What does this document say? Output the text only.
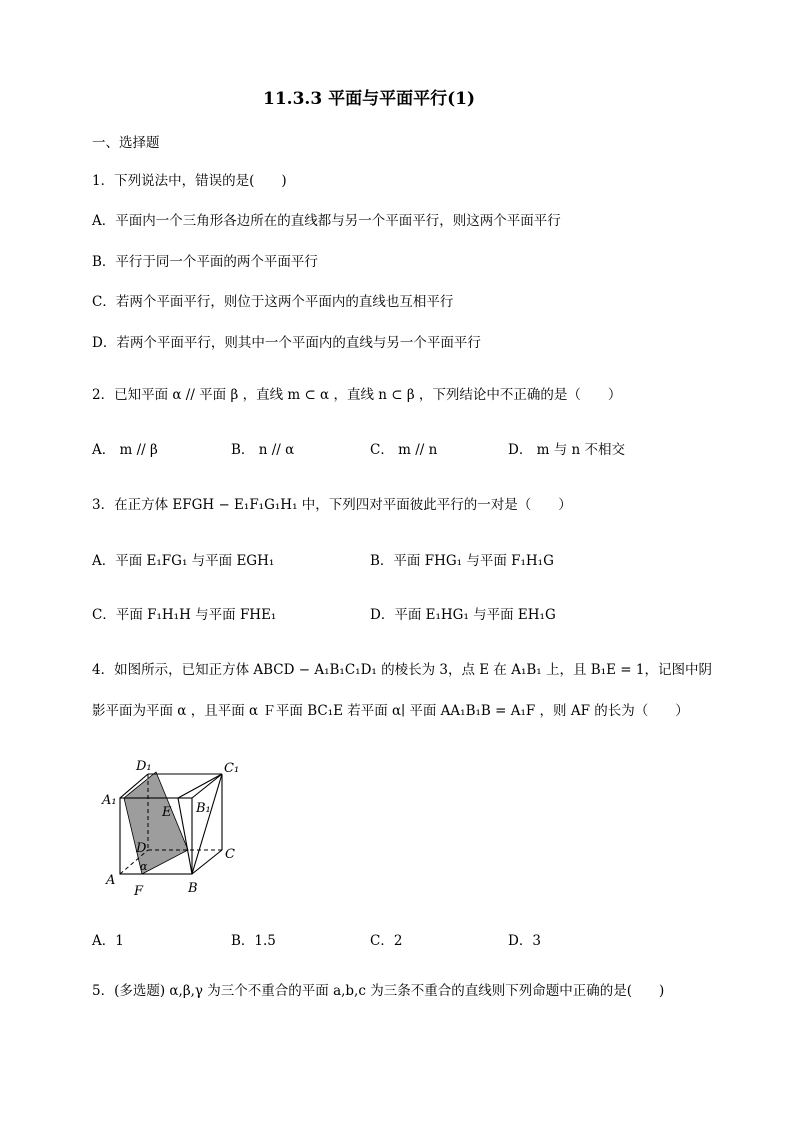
11.3.3 平面与平面平行(1)
一、选择题
1．下列说法中，错误的是(　　)
A．平面内一个三角形各边所在的直线都与另一个平面平行，则这两个平面平行
B．平行于同一个平面的两个平面平行
C．若两个平面平行，则位于这两个平面内的直线也互相平行
D．若两个平面平行，则其中一个平面内的直线与另一个平面平行
2．已知平面 α // 平面 β ，直线 m ⊂ α ，直线 n ⊂ β ，下列结论中不正确的是（　　）
A． m // β	B． n // α	C． m // n	D． m 与 n 不相交
3．在正方体 EFGH − E₁F₁G₁H₁ 中，下列四对平面彼此平行的一对是（　　）
A．平面 E₁FG₁ 与平面 EGH₁	B．平面 FHG₁ 与平面 F₁H₁G
C．平面 F₁H₁H 与平面 FHE₁	D．平面 E₁HG₁ 与平面 EH₁G
4．如图所示，已知正方体 ABCD − A₁B₁C₁D₁ 的棱长为 3，点 E 在 A₁B₁ 上，且 B₁E = 1，记图中阴
影平面为平面 α ，且平面 α Ｆ平面 BC₁E 若平面 α∣ 平面 AA₁B₁B = A₁F ，则 AF 的长为（　　）
D₁	C₁
A₁
B₁
E
D	C
A
F	B
α
A．1	B．1.5	C．2	D．3
5．(多选题) α,β,γ 为三个不重合的平面 a,b,c 为三条不重合的直线则下列命题中正确的是(　　)
